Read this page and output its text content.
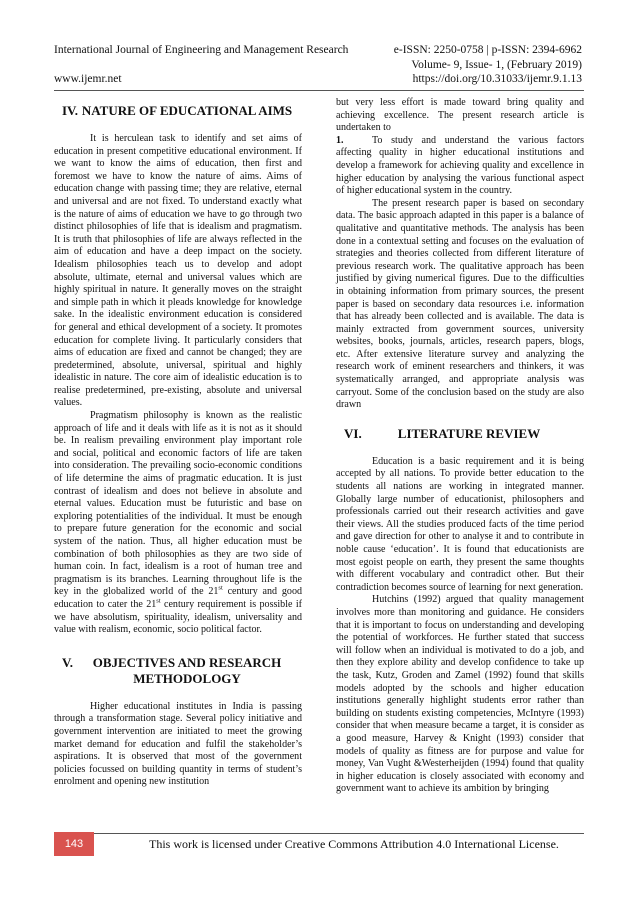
International Journal of Engineering and Management Research	e-ISSN: 2250-0758 | p-ISSN: 2394-6962
Volume- 9, Issue- 1, (February 2019)
www.ijemr.net	https://doi.org/10.31033/ijemr.9.1.13
IV. NATURE OF EDUCATIONAL AIMS

It is herculean task to identify and set aims of education in present competitive educational environment. If we want to know the aims of education, then first and foremost we have to know the nature of aims. Aims of education change with passing time; they are relative, eternal and universal and are not fixed. To understand exactly what is the nature of aims of education we have to go through two distinct philosophies of life that is idealism and pragmatism. It is truth that philosophies of life are always reflected in the aim of education and have a deep impact on the society. Idealism philosophies teach us to develop and adopt absolute, ultimate, eternal and universal values which are highly spiritual in nature. It generally moves on the straight and simple path in which it pleads knowledge for knowledge sake. In the idealistic environment education is considered for general and ethical development of a society. It promotes education for complete living. It particularly considers that aims of education are fixed and cannot be changed; they are predetermined, absolute, universal, spiritual and highly idealistic in nature. The core aim of idealistic education is to realise predetermined, pre-existing, absolute and universal values.

Pragmatism philosophy is known as the realistic approach of life and it deals with life as it is not as it should be. In realism prevailing environment play important role and social, political and economic factors of life are taken into consideration. The prevailing socio-economic conditions of life determine the aims of pragmatic education. It is just contrast of idealism and does not believe in absolute and eternal values. Education must be futuristic and base on exploring potentialities of the individual. It must be enough to prepare future generation for the economic and social system of the nation. Thus, all higher education must be combination of both philosophies as they are two side of human coin. In fact, idealism is a root of human tree and pragmatism is its branches. Learning throughout life is the key in the globalized world of the 21st century and good education to cater the 21st century requirement is possible if we have absolutism, spirituality, idealism, universality and value with realism, economic, socio political factor.

V. OBJECTIVES AND RESEARCH METHODOLOGY

Higher educational institutes in India is passing through a transformation stage. Several policy initiative and government intervention are initiated to meet the growing market demand for education and fulfil the stakeholder’s aspirations. It is observed that most of the government policies focussed on building quantity in terms of student’s enrolment and opening new institution

but very less effort is made toward bring quality and achieving excellence. The present research article is undertaken to

1.	To study and understand the various factors affecting quality in higher educational institutions and develop a framework for achieving quality and excellence in higher education by analysing the various functional aspect of higher educational system in the country.

The present research paper is based on secondary data. The basic approach adapted in this paper is a balance of qualitative and quantitative methods. The analysis has been done in a contextual setting and focuses on the evaluation of strategies and theories collected from different literature of previous research work. The qualitative approach has been justified by giving numerical figures. Due to the difficulties in obtaining information from primary sources, the present paper is based on secondary data resources i.e. information that has already been collected and is available. The data is mainly extracted from government sources, university websites, books, journals, articles, research papers, blogs, etc. After extensive literature survey and analyzing the research work of eminent researchers and thinkers, it was systematically arranged, and appropriate analysis was carryout. Some of the conclusion based on the study are also drawn

VI.	LITERATURE REVIEW

Education is a basic requirement and it is being accepted by all nations. To provide better education to the students all nations are working in integrated manner. Globally large number of educationist, philosophers and professionals carried out their research activities and gave their views. All the studies produced facts of the time period and gave direction for other to analyse it and to contribute in noble cause ‘education’. It is found that educationists are most egoist people on earth, they present the same thoughts with different vocabulary and contradict other. But their contradiction becomes source of learning for next generation.

Hutchins (1992) argued that quality management involves more than monitoring and guidance. He considers that it is important to focus on understanding and developing the potential of workforces. He further stated that success will follow when an individual is motivated to do a job, and then they explore ability and develop confidence to take up the task, Kutz, Groden and Zamel (1992) found that skills models adopted by the schools and higher education institutions generally highlight students error rather than building on students existing competencies, McIntyre (1993) consider that when measure became a target, it is consider as a good measure, Harvey & Knight (1993) consider that models of quality as fitness are for purpose and value for money, Van Vught &Westerheijden (1994) found that quality in higher education is closely associated with economy and government want to achieve its ambition by bringing

143	This work is licensed under Creative Commons Attribution 4.0 International License.
